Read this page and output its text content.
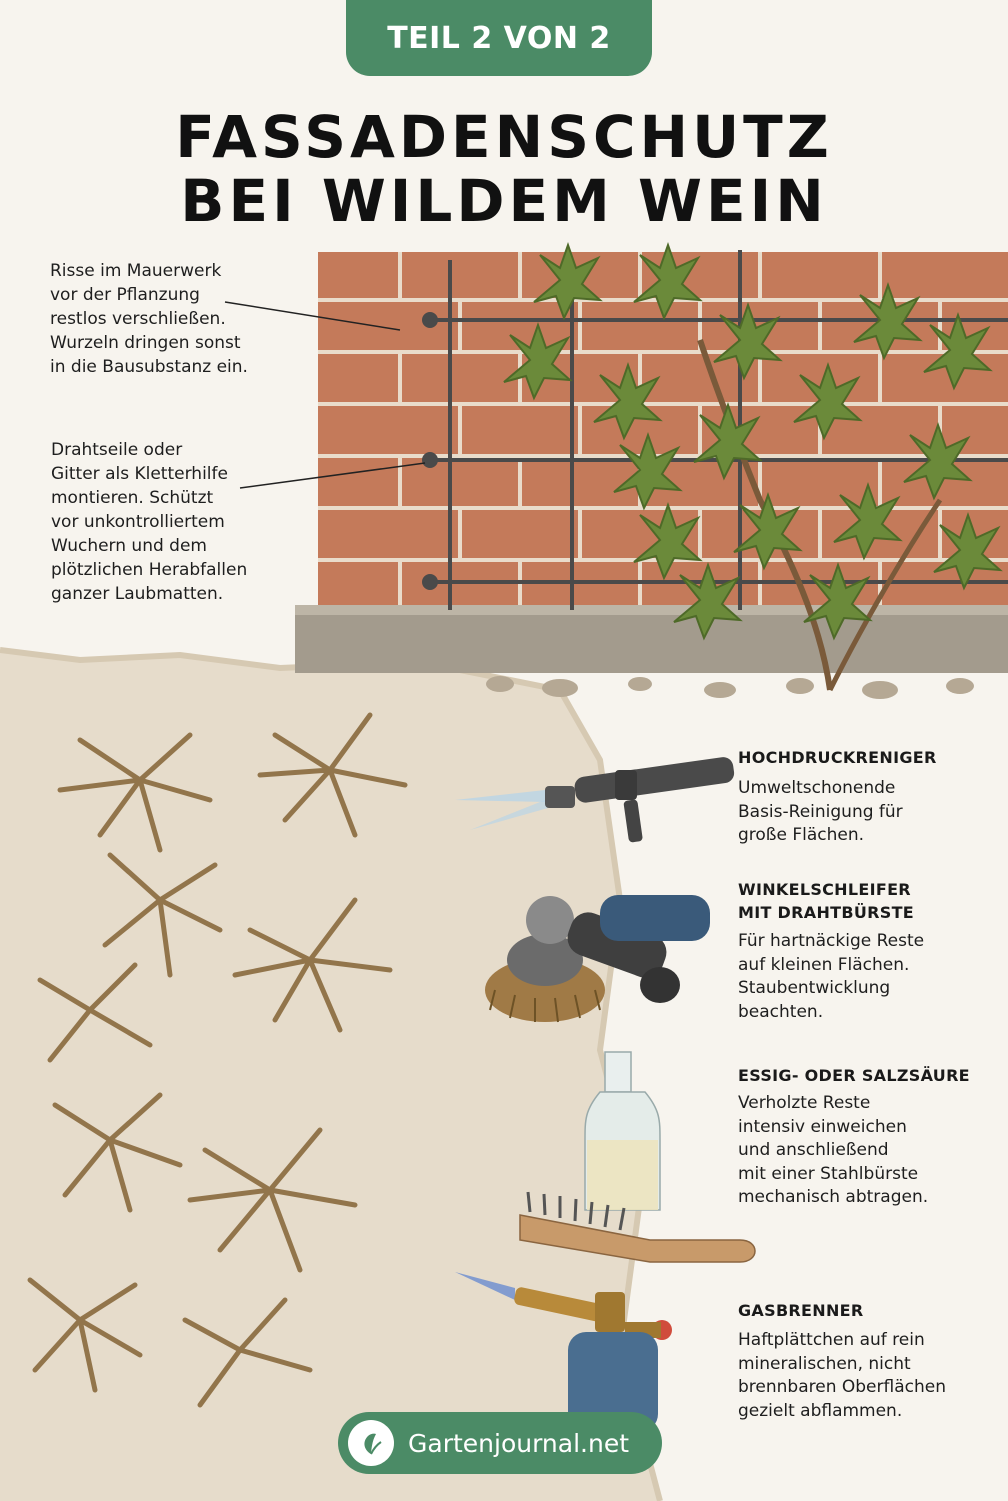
TEIL 2 VON 2
FASSADENSCHUTZ
BEI WILDEM WEIN
Risse im Mauerwerk
vor der Pflanzung
restlos verschließen.
Wurzeln dringen sonst
in die Bausubstanz ein.
Drahtseile oder
Gitter als Kletterhilfe
montieren. Schützt
vor unkontrolliertem
Wuchern und dem
plötzlichen Herabfallen
ganzer Laubmatten.
HOCHDRUCKRENIGER
Umweltschonende
Basis-Reinigung für
große Flächen.
WINKELSCHLEIFER
MIT DRAHTBÜRSTE
Für hartnäckige Reste
auf kleinen Flächen.
Staubentwicklung
beachten.
ESSIG- ODER SALZSÄURE
Verholzte Reste
intensiv einweichen
und anschließend
mit einer Stahlbürste
mechanisch abtragen.
GASBRENNER
Haftplättchen auf rein
mineralischen, nicht
brennbaren Oberflächen
gezielt abflammen.
Gartenjournal.net
